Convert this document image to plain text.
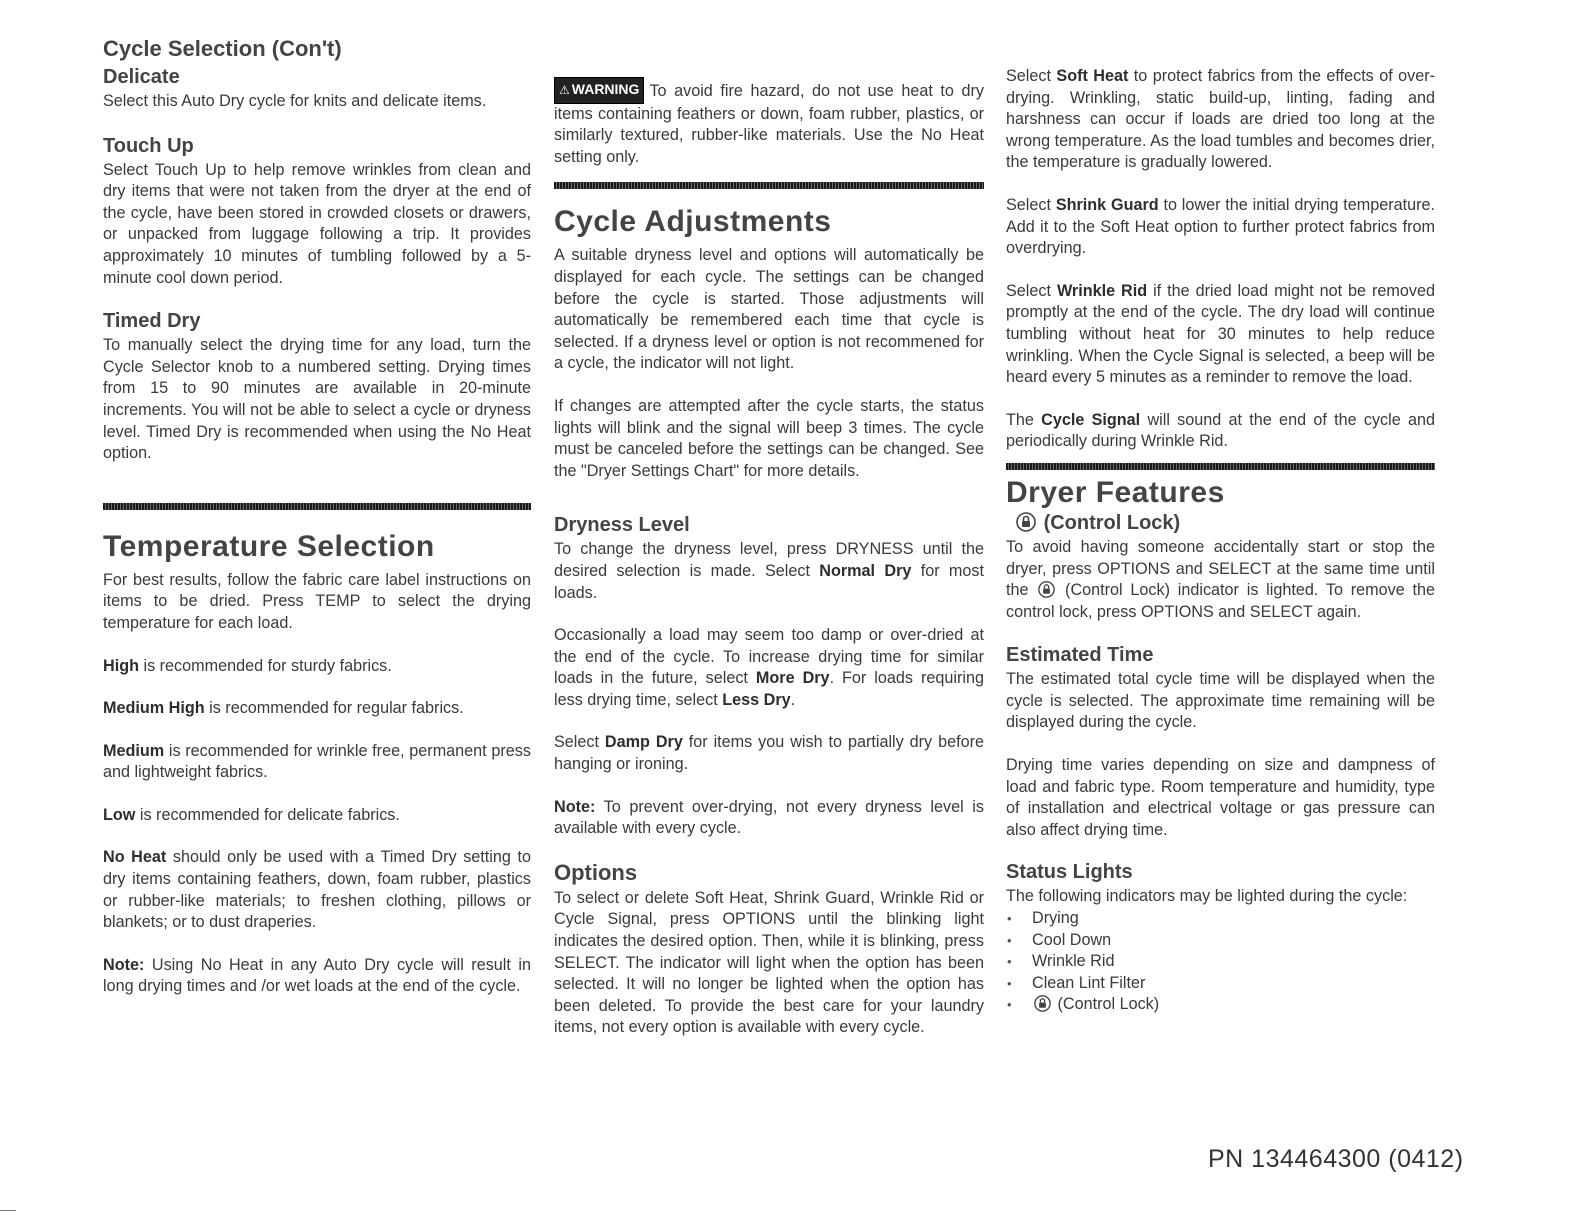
Cycle Selection (Con't)
Delicate

Select this Auto Dry cycle for knits and delicate items.

Touch Up

Select Touch Up to help remove wrinkles from clean and dry items that were not taken from the dryer at the end of the cycle, have been stored in crowded closets or drawers, or unpacked from luggage following a trip. It provides approximately 10 minutes of tumbling followed by a 5-minute cool down period.

Timed Dry

To manually select the drying time for any load, turn the Cycle Selector knob to a numbered setting. Drying times from 15 to 90 minutes are available in 20-minute increments. You will not be able to select a cycle or dryness level. Timed Dry is recommended when using the No Heat option.

Temperature Selection

For best results, follow the fabric care label instructions on items to be dried. Press TEMP to select the drying temperature for each load.

High is recommended for sturdy fabrics.

Medium High is recommended for regular fabrics.

Medium is recommended for wrinkle free, permanent press and lightweight fabrics.

Low is recommended for delicate fabrics.

No Heat should only be used with a Timed Dry setting to dry items containing feathers, down, foam rubber, plastics or rubber-like materials; to freshen clothing, pillows or blankets; or to dust draperies.

Note: Using No Heat in any Auto Dry cycle will result in long drying times and /or wet loads at the end of the cycle.

⚠ WARNING To avoid fire hazard, do not use heat to dry items containing feathers or down, foam rubber, plastics, or similarly textured, rubber-like materials. Use the No Heat setting only.

Cycle Adjustments

A suitable dryness level and options will automatically be displayed for each cycle. The settings can be changed before the cycle is started. Those adjustments will automatically be remembered each time that cycle is selected. If a dryness level or option is not recommened for a cycle, the indicator will not light.

If changes are attempted after the cycle starts, the status lights will blink and the signal will beep 3 times. The cycle must be canceled before the settings can be changed. See the "Dryer Settings Chart" for more details.

Dryness Level

To change the dryness level, press DRYNESS until the desired selection is made. Select Normal Dry for most loads.

Occasionally a load may seem too damp or over-dried at the end of the cycle. To increase drying time for similar loads in the future, select More Dry. For loads requiring less drying time, select Less Dry.

Select Damp Dry for items you wish to partially dry before hanging or ironing.

Note: To prevent over-drying, not every dryness level is available with every cycle.

Options

To select or delete Soft Heat, Shrink Guard, Wrinkle Rid or Cycle Signal, press OPTIONS until the blinking light indicates the desired option. Then, while it is blinking, press SELECT. The indicator will light when the option has been selected. It will no longer be lighted when the option has been deleted. To provide the best care for your laundry items, not every option is available with every cycle.

Select Soft Heat to protect fabrics from the effects of over-drying. Wrinkling, static build-up, linting, fading and harshness can occur if loads are dried too long at the wrong temperature. As the load tumbles and becomes drier, the temperature is gradually lowered.

Select Shrink Guard to lower the initial drying temperature. Add it to the Soft Heat option to further protect fabrics from overdrying.

Select Wrinkle Rid if the dried load might not be removed promptly at the end of the cycle. The dry load will continue tumbling without heat for 30 minutes to help reduce wrinkling. When the Cycle Signal is selected, a beep will be heard every 5 minutes as a reminder to remove the load.

The Cycle Signal will sound at the end of the cycle and periodically during Wrinkle Rid.

Dryer Features
(Control Lock)

To avoid having someone accidentally start or stop the dryer, press OPTIONS and SELECT at the same time until the  (Control Lock) indicator is lighted. To remove the control lock, press OPTIONS and SELECT again.

Estimated Time

The estimated total cycle time will be displayed when the cycle is selected. The approximate time remaining will be displayed during the cycle.

Drying time varies depending on size and dampness of load and fabric type. Room temperature and humidity, type of installation and electrical voltage or gas pressure can also affect drying time.

Status Lights

The following indicators may be lighted during the cycle:

• Drying
• Cool Down
• Wrinkle Rid
• Clean Lint Filter
• (Control Lock)
PN 134464300 (0412)
